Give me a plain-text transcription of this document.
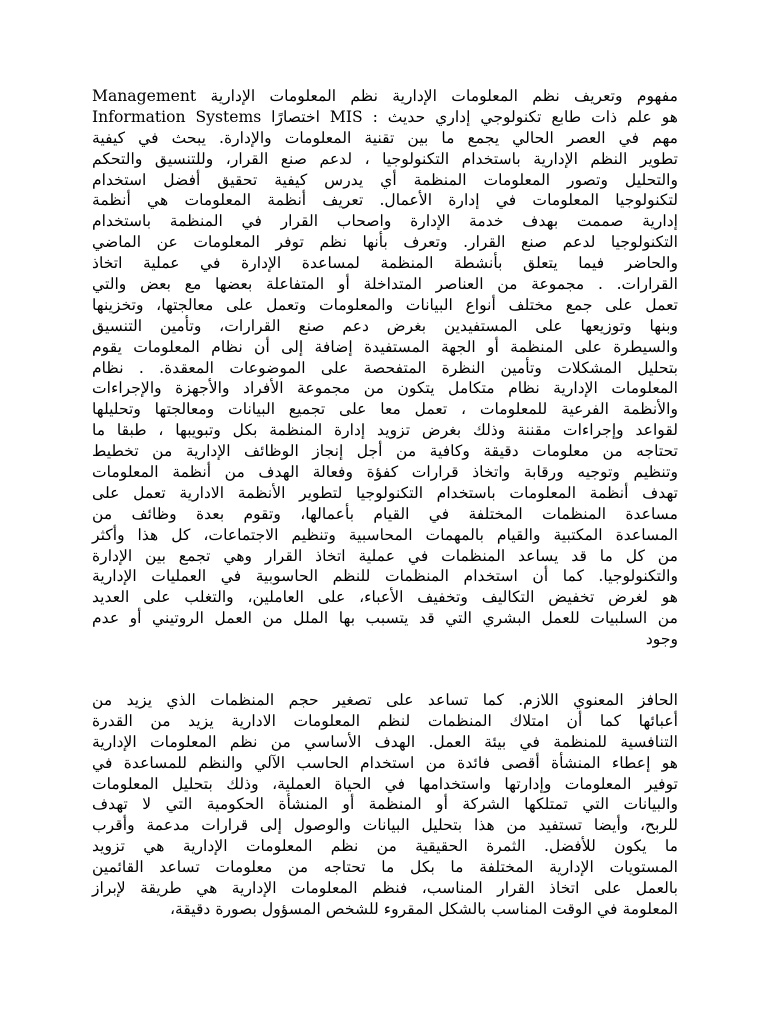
مفهوم وتعريف نظم المعلومات الإدارية نظم المعلومات الإدارية Management
هو علم ذات طابع تكنولوجي إداري حديث : MIS اختصارًا Information Systems
مهم في العصر الحالي يجمع ما بين تقنية المعلومات والإدارة. يبحث في كيفية
تطوير النظم الإدارية باستخدام التكنولوجيا ، لدعم صنع القرار، وللتنسيق والتحكم
والتحليل وتصور المعلومات المنظمة أي يدرس كيفية تحقيق أفضل استخدام
لتكنولوجيا المعلومات في إدارة الأعمال. تعريف أنظمة المعلومات هي أنظمة
إدارية صممت بهدف خدمة الإدارة واصحاب القرار في المنظمة باستخدام
التكنولوجيا لدعم صنع القرار. وتعرف بأنها نظم توفر المعلومات عن الماضي
والحاضر فيما يتعلق بأنشطة المنظمة لمساعدة الإدارة في عملية اتخاذ
القرارات. . مجموعة من العناصر المتداخلة أو المتفاعلة بعضها مع بعض والتي
تعمل على جمع مختلف أنواع البيانات والمعلومات وتعمل على معالجتها، وتخزينها
وبنها وتوزيعها على المستفيدين بغرض دعم صنع القرارات، وتأمين التنسيق
والسيطرة على المنظمة أو الجهة المستفيدة إضافة إلى أن نظام المعلومات يقوم
بتحليل المشكلات وتأمين النظرة المتفحصة على الموضوعات المعقدة. . نظام
المعلومات الإدارية نظام متكامل يتكون من مجموعة الأفراد والأجهزة والإجراءات
والأنظمة الفرعية للمعلومات ، تعمل معا على تجميع البيانات ومعالجتها وتحليلها
لقواعد وإجراءات مقننة وذلك بغرض تزويد إدارة المنظمة بكل وتبويبها ، طبقا ما
تحتاجه من معلومات دقيقة وكافية من أجل إنجاز الوظائف الإدارية من تخطيط
وتنظيم وتوجيه ورقابة واتخاذ قرارات كفؤة وفعالة الهدف من أنظمة المعلومات
تهدف أنظمة المعلومات باستخدام التكنولوجيا لتطوير الأنظمة الادارية تعمل على
مساعدة المنظمات المختلفة في القيام بأعمالها، وتقوم بعدة وظائف من
المساعدة المكتبية والقيام بالمهمات المحاسبية وتنظيم الاجتماعات، كل هذا وأكثر
من كل ما قد يساعد المنظمات في عملية اتخاذ القرار وهي تجمع بين الإدارة
والتكنولوجيا. كما أن استخدام المنظمات للنظم الحاسوبية في العمليات الإدارية
هو لغرض تخفيض التكاليف وتخفيف الأعباء، على العاملين، والتغلب على العديد
من السلبيات للعمل البشري التي قد يتسبب بها الملل من العمل الروتيني أو عدم
وجود
الحافز المعنوي اللازم. كما تساعد على تصغير حجم المنظمات الذي يزيد من
أعبائها كما أن امتلاك المنظمات لنظم المعلومات الادارية يزيد من القدرة
التنافسية للمنظمة في بيئة العمل. الهدف الأساسي من نظم المعلومات الإدارية
هو إعطاء المنشأة أقصى فائدة من استخدام الحاسب الآلي والنظم للمساعدة في
توفير المعلومات وإدارتها واستخدامها في الحياة العملية، وذلك بتحليل المعلومات
والبيانات التي تمتلكها الشركة أو المنظمة أو المنشأة الحكومية التي لا تهدف
للربح، وأيضا تستفيد من هذا بتحليل البيانات والوصول إلى قرارات مدعمة وأقرب
ما يكون للأفضل. الثمرة الحقيقية من نظم المعلومات الإدارية هي تزويد
المستويات الإدارية المختلفة ما بكل ما تحتاجه من معلومات تساعد القائمين
بالعمل على اتخاذ القرار المناسب، فنظم المعلومات الإدارية هي طريقة لإبراز
المعلومة في الوقت المناسب بالشكل المقروء للشخص المسؤول بصورة دقيقة،
